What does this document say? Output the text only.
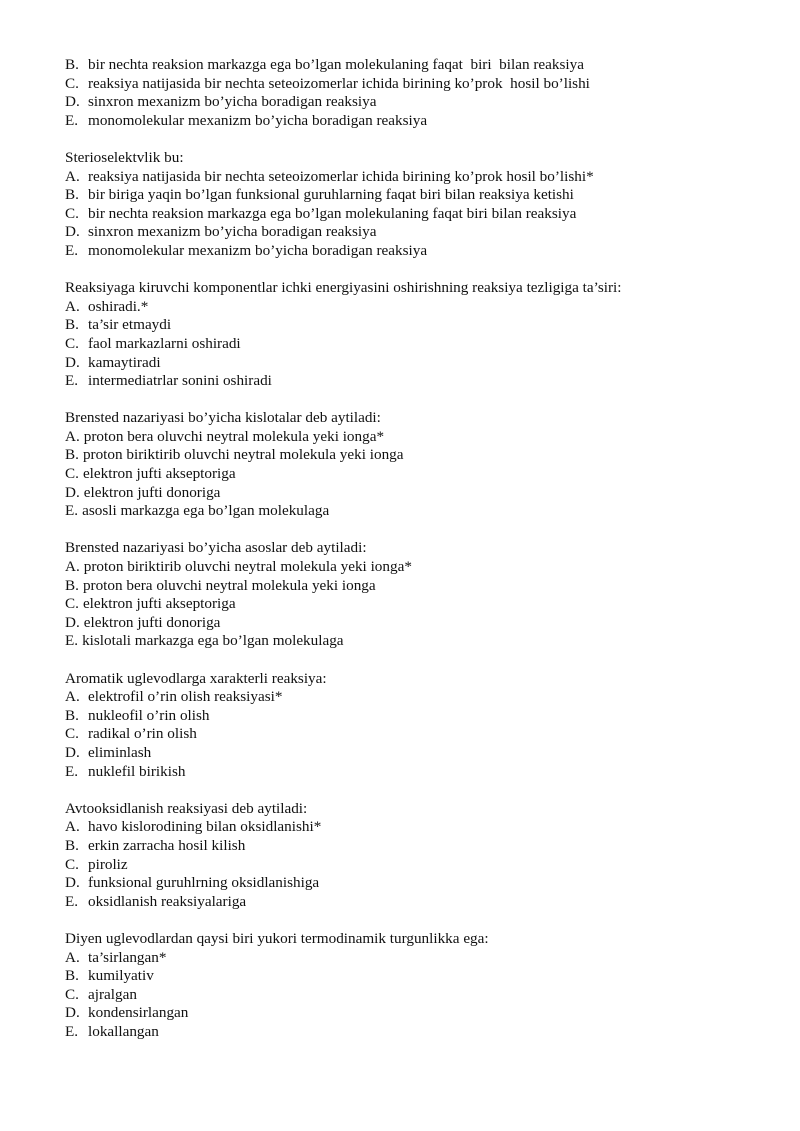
B. bir nechta reaksion markazga ega bo’lgan molekulaning faqat  biri  bilan reaksiya
C. reaksiya natijasida bir nechta seteoizomerlar ichida birining ko’prok  hosil bo’lishi
D. sinxron mexanizm bo’yicha boradigan reaksiya
E. monomolekular mexanizm bo’yicha boradigan reaksiya
Sterioselektvlik bu:
A. reaksiya natijasida bir nechta seteoizomerlar ichida birining ko’prok hosil bo’lishi*
B. bir biriga yaqin bo’lgan funksional guruhlarning faqat biri bilan reaksiya ketishi
C. bir nechta reaksion markazga ega bo’lgan molekulaning faqat biri bilan reaksiya
D. sinxron mexanizm bo’yicha boradigan reaksiya
E. monomolekular mexanizm bo’yicha boradigan reaksiya
Reaksiyaga kiruvchi komponentlar ichki energiyasini oshirishning reaksiya tezligiga ta’siri:
A. oshiradi.*
B. ta’sir etmaydi
C. faol markazlarni oshiradi
D. kamaytiradi
E. intermediatrlar sonini oshiradi
Brensted nazariyasi bo’yicha kislotalar deb aytiladi:
A. proton bera oluvchi neytral molekula yeki ionga*
B. proton biriktirib oluvchi neytral molekula yeki ionga
C. elektron jufti akseptoriga
D. elektron jufti donoriga
E. asosli markazga ega bo’lgan molekulaga
Brensted nazariyasi bo’yicha asoslar deb aytiladi:
A. proton biriktirib oluvchi neytral molekula yeki ionga*
B. proton bera oluvchi neytral molekula yeki ionga
C. elektron jufti akseptoriga
D. elektron jufti donoriga
E. kislotali markazga ega bo’lgan molekulaga
Aromatik uglevodlarga xarakterli reaksiya:
A. elektrofil o’rin olish reaksiyasi*
B. nukleofil o’rin olish
C. radikal o’rin olish
D. eliminlash
E. nuklefil birikish
Avtooksidlanish reaksiyasi deb aytiladi:
A. havo kislorodining bilan oksidlanishi*
B. erkin zarracha hosil kilish
C. piroliz
D. funksional guruhlrning oksidlanishiga
E. oksidlanish reaksiyalariga
Diyen uglevodlardan qaysi biri yukori termodinamik turgunlikka ega:
A. ta’sirlangan*
B. kumilyativ
C. ajralgan
D. kondensirlangan
E. lokallangan
